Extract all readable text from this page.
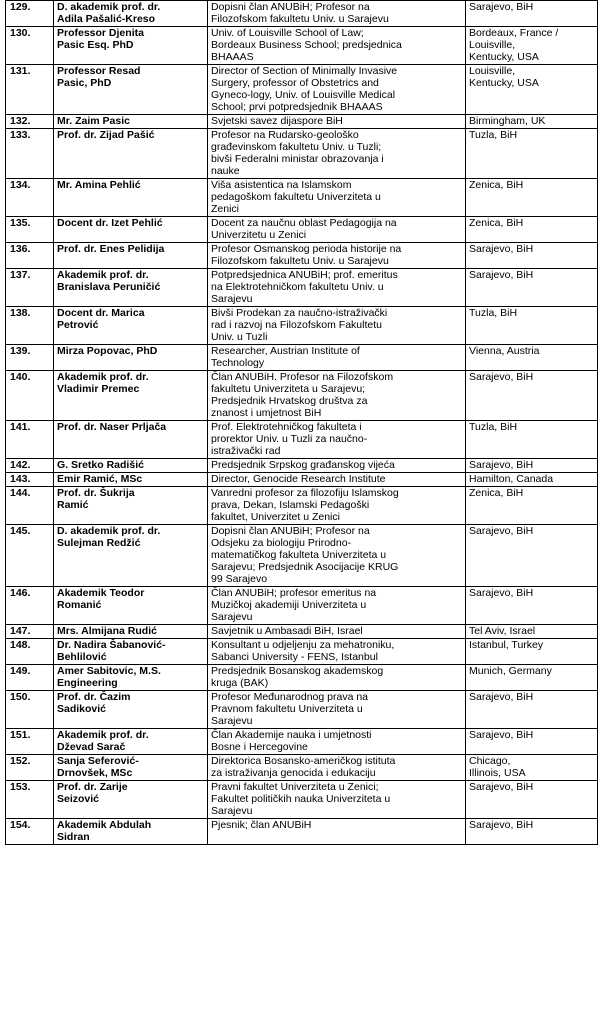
129.	D. akademik prof. dr.
Adila Pašalić-Kreso	Dopisni član ANUBiH; Profesor na
Filozofskom fakultetu Univ. u Sarajevu	Sarajevo, BiH

130.	Professor Djenita
Pasic Esq. PhD	Univ. of Louisville School of Law;
Bordeaux Business School; predsjednica
BHAAAS	Bordeaux, France /
Louisville,
Kentucky, USA

131.	Professor Resad
Pasic, PhD	Director of Section of Minimally Invasive
Surgery, professor of Obstetrics and
Gyneco-logy, Univ. of Louisville Medical
School; prvi potpredsjednik BHAAAS	Louisville,
Kentucky, USA

132.	Mr. Zaim Pasic	Svjetski savez dijaspore BiH	Birmingham, UK

133.	Prof. dr. Zijad Pašić	Profesor na Rudarsko-geološko
građevinskom fakultetu Univ. u Tuzli;
bivši Federalni ministar obrazovanja i
nauke	Tuzla, BiH

134.	Mr. Amina Pehlić	Viša asistentica na Islamskom
pedagoškom fakultetu Univerziteta u
Zenici	Zenica, BiH

135.	Docent dr. Izet Pehlić	Docent za naučnu oblast Pedagogija na
Univerzitetu u Zenici	Zenica, BiH

136.	Prof. dr. Enes Pelidija	Profesor Osmanskog perioda historije na
Filozofskom fakultetu Univ. u Sarajevu	Sarajevo, BiH

137.	Akademik prof. dr.
Branislava Peruničić	Potpredsjednica ANUBiH; prof. emeritus
na Elektrotehničkom fakultetu Univ. u
Sarajevu	Sarajevo, BiH

138.	Docent dr. Marica
Petrović	Bivši Prodekan za naučno-istraživački
rad i razvoj na Filozofskom Fakultetu
Univ. u Tuzli	Tuzla, BiH

139.	Mirza Popovac, PhD	Researcher, Austrian Institute of
Technology	Vienna, Austria

140.	Akademik prof. dr.
Vladimir Premec	Član ANUBiH. Profesor na Filozofskom
fakultetu Univerziteta u Sarajevu;
Predsjednik Hrvatskog društva za
znanost i umjetnost BiH	Sarajevo, BiH

141.	Prof. dr. Naser Prljača	Prof. Elektrotehničkog fakulteta i
prorektor Univ. u Tuzli za naučno-
istraživački rad	Tuzla, BiH

142.	G. Sretko Radišić	Predsjednik Srpskog građanskog vijeća	Sarajevo, BiH

143.	Emir Ramić, MSc	Director, Genocide Research Institute	Hamilton, Canada

144.	Prof. dr. Šukrija
Ramić	Vanredni profesor za filozofiju Islamskog
prava, Dekan, Islamski Pedagoški
fakultet, Univerzitet u Zenici	Zenica, BiH

145.	D. akademik prof. dr.
Sulejman Redžić	Dopisni član ANUBiH; Profesor na
Odsjeku za biologiju Prirodno-
matematičkog fakulteta Univerziteta u
Sarajevu; Predsjednik Asocijacije KRUG
99 Sarajevo	Sarajevo, BiH

146.	Akademik Teodor
Romanić	Član ANUBiH; profesor emeritus na
Muzičkoj akademiji Univerziteta u
Sarajevu	Sarajevo, BiH

147.	Mrs. Almijana Rudić	Savjetnik u Ambasadi BiH, Israel	Tel Aviv, Israel

148.	Dr. Nadira Šabanović-
Behlilović	Konsultant u odjeljenju za mehatroniku,
Sabanci University - FENS, Istanbul	Istanbul, Turkey

149.	Amer Sabitovic, M.S.
Engineering	Predsjednik Bosanskog akademskog
kruga (BAK)	Munich, Germany

150.	Prof. dr. Čazim
Sadiković	Profesor Međunarodnog prava na
Pravnom fakultetu Univerziteta u
Sarajevu	Sarajevo, BiH

151.	Akademik prof. dr.
Dževad Sarač	Član Akademije nauka i umjetnosti
Bosne i Hercegovine	Sarajevo, BiH

152.	Sanja Seferović-
Drnovšek, MSc	Direktorica Bosansko-američkog istituta
za istraživanja genocida i edukaciju	Chicago,
Illinois, USA

153.	Prof. dr. Zarije
Seizović	Pravni fakultet Univerziteta u Zenici;
Fakultet političkih nauka Univerziteta u
Sarajevu	Sarajevo, BiH

154.	Akademik Abdulah
Sidran	Pjesnik; član ANUBiH	Sarajevo, BiH
